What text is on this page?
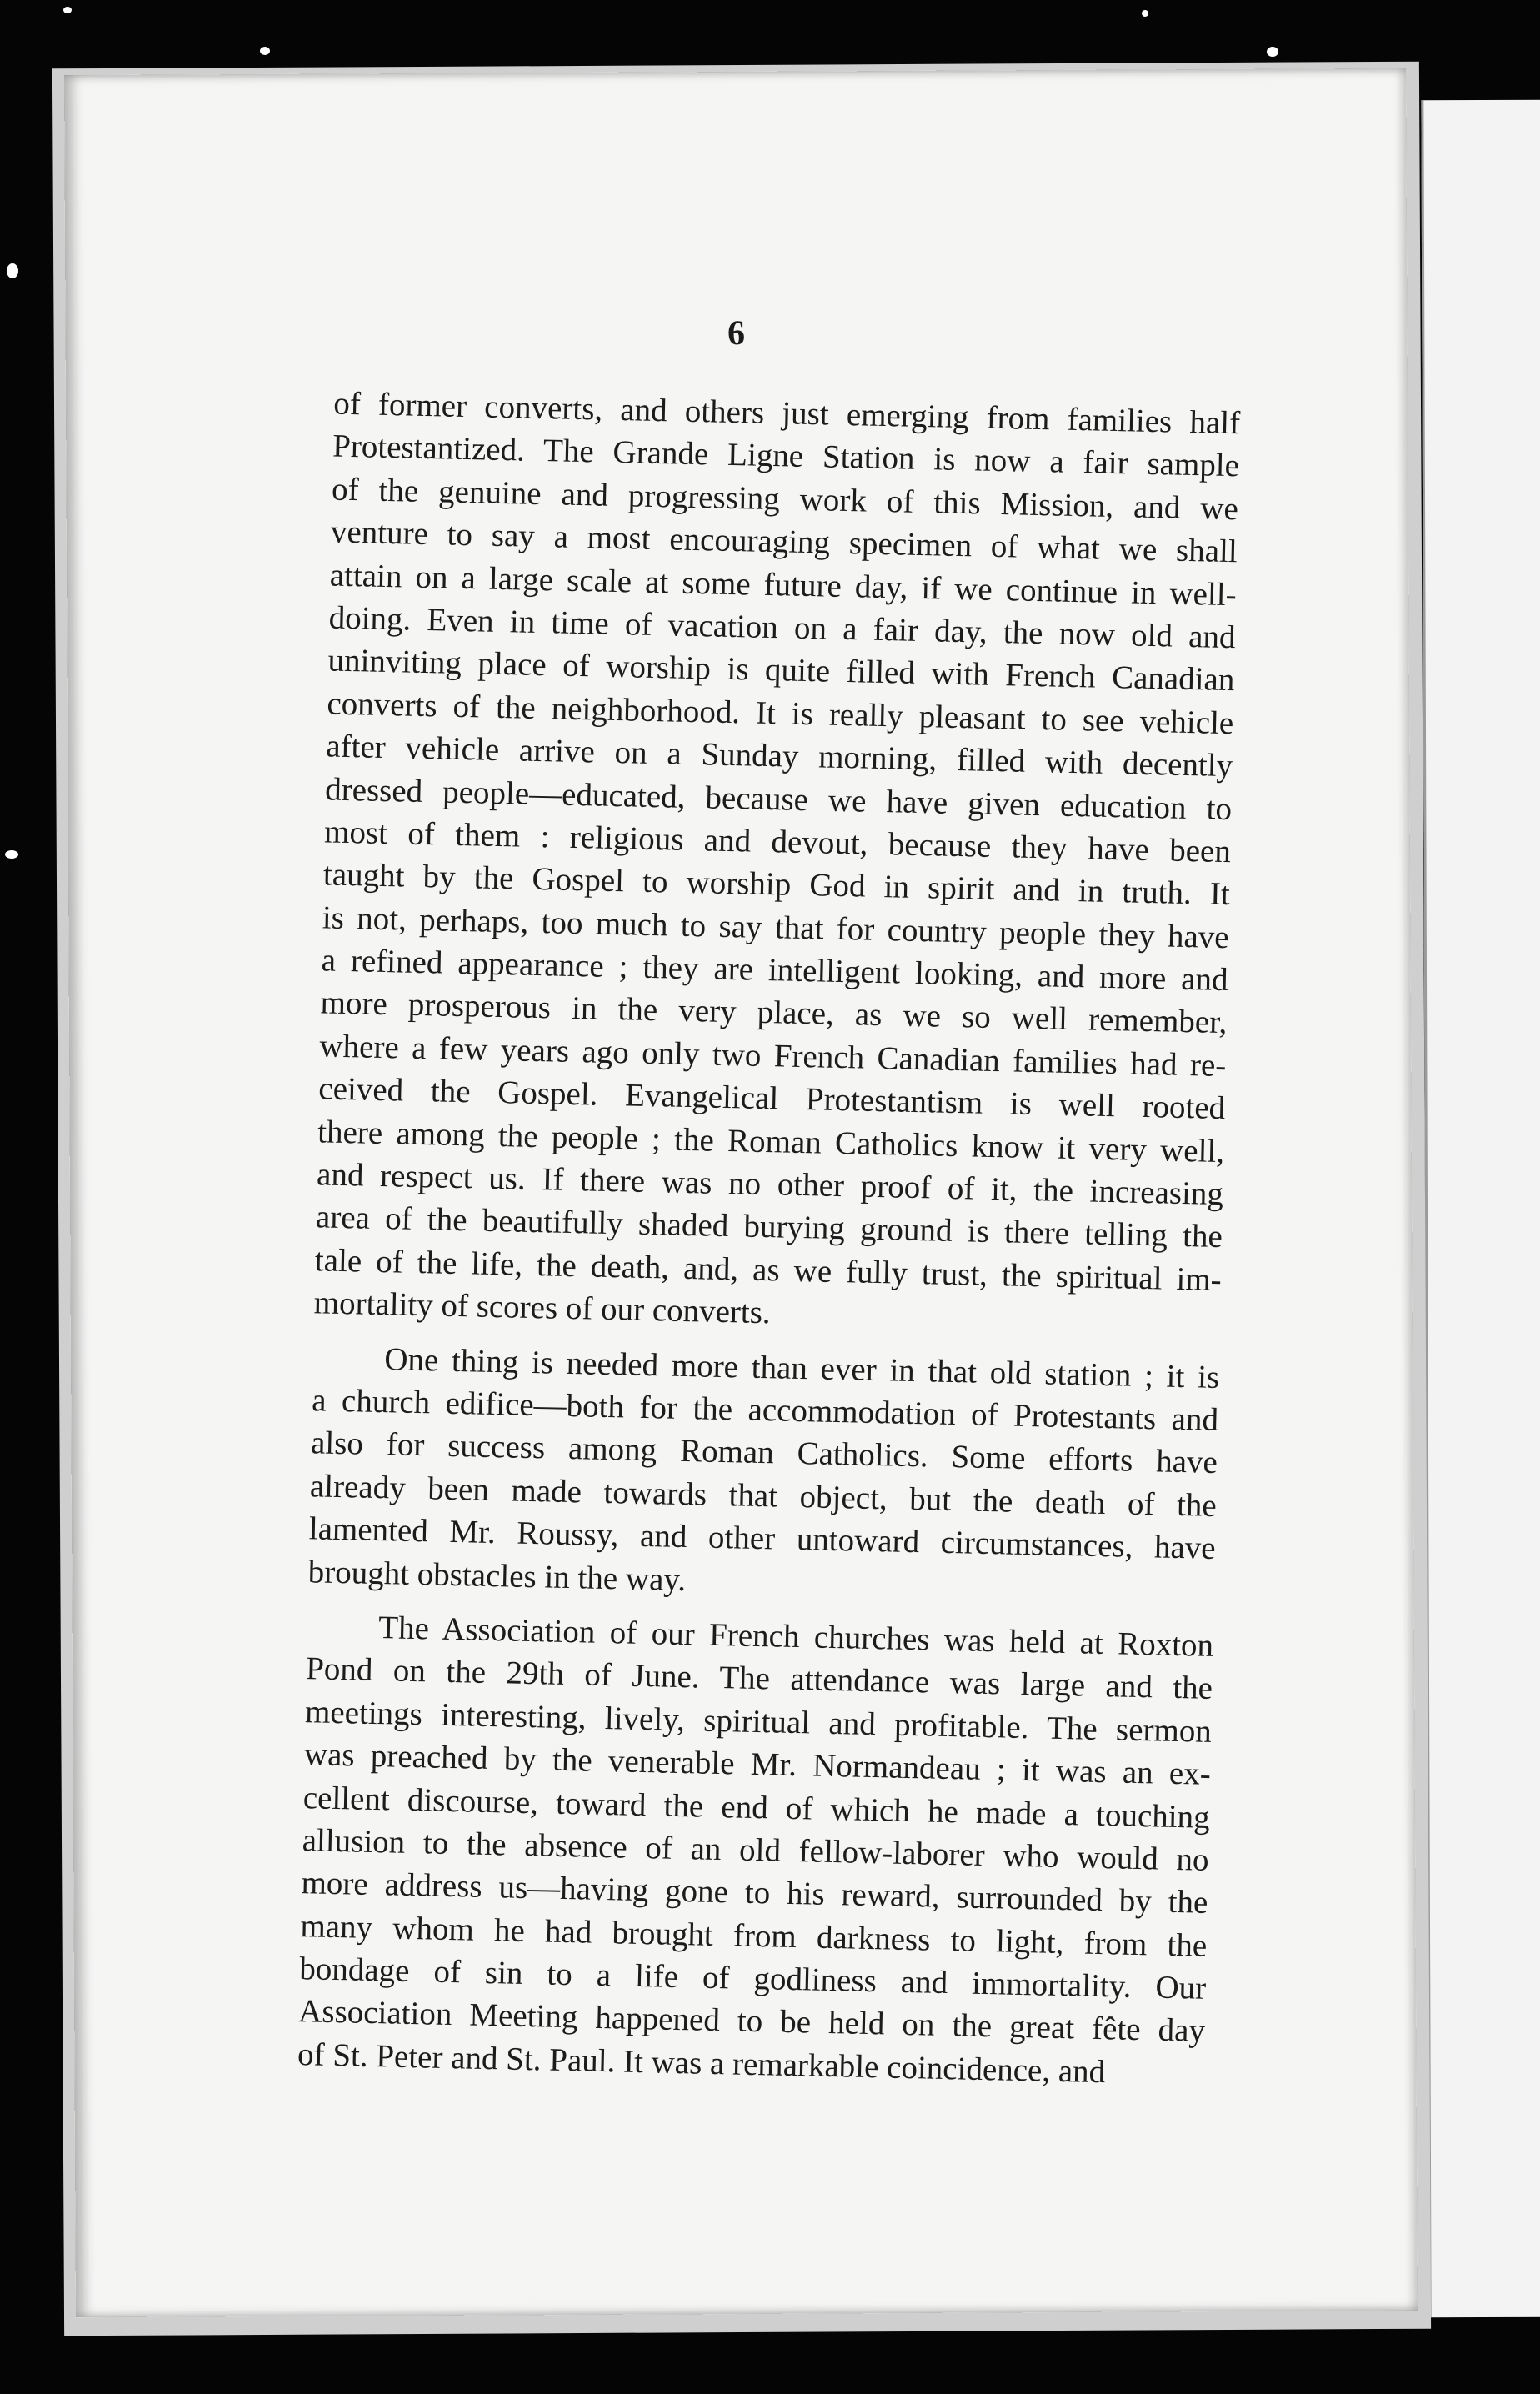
6
of former converts, and others just emerging from families half
Protestantized. The Grande Ligne Station is now a fair sample
of the genuine and progressing work of this Mission, and we
venture to say a most encouraging specimen of what we shall
attain on a large scale at some future day, if we continue in well-
doing. Even in time of vacation on a fair day, the now old and
uninviting place of worship is quite filled with French Canadian
converts of the neighborhood. It is really pleasant to see vehicle
after vehicle arrive on a Sunday morning, filled with decently
dressed people—educated, because we have given education to
most of them : religious and devout, because they have been
taught by the Gospel to worship God in spirit and in truth. It
is not, perhaps, too much to say that for country people they have
a refined appearance ; they are intelligent looking, and more and
more prosperous in the very place, as we so well remember,
where a few years ago only two French Canadian families had re-
ceived the Gospel. Evangelical Protestantism is well rooted
there among the people ; the Roman Catholics know it very well,
and respect us. If there was no other proof of it, the increasing
area of the beautifully shaded burying ground is there telling the
tale of the life, the death, and, as we fully trust, the spiritual im-
mortality of scores of our converts.
One thing is needed more than ever in that old station ; it is
a church edifice—both for the accommodation of Protestants and
also for success among Roman Catholics. Some efforts have
already been made towards that object, but the death of the
lamented Mr. Roussy, and other untoward circumstances, have
brought obstacles in the way.
The Association of our French churches was held at Roxton
Pond on the 29th of June. The attendance was large and the
meetings interesting, lively, spiritual and profitable. The sermon
was preached by the venerable Mr. Normandeau ; it was an ex-
cellent discourse, toward the end of which he made a touching
allusion to the absence of an old fellow-laborer who would no
more address us—having gone to his reward, surrounded by the
many whom he had brought from darkness to light, from the
bondage of sin to a life of godliness and immortality. Our
Association Meeting happened to be held on the great fête day
of St. Peter and St. Paul. It was a remarkable coincidence, and
